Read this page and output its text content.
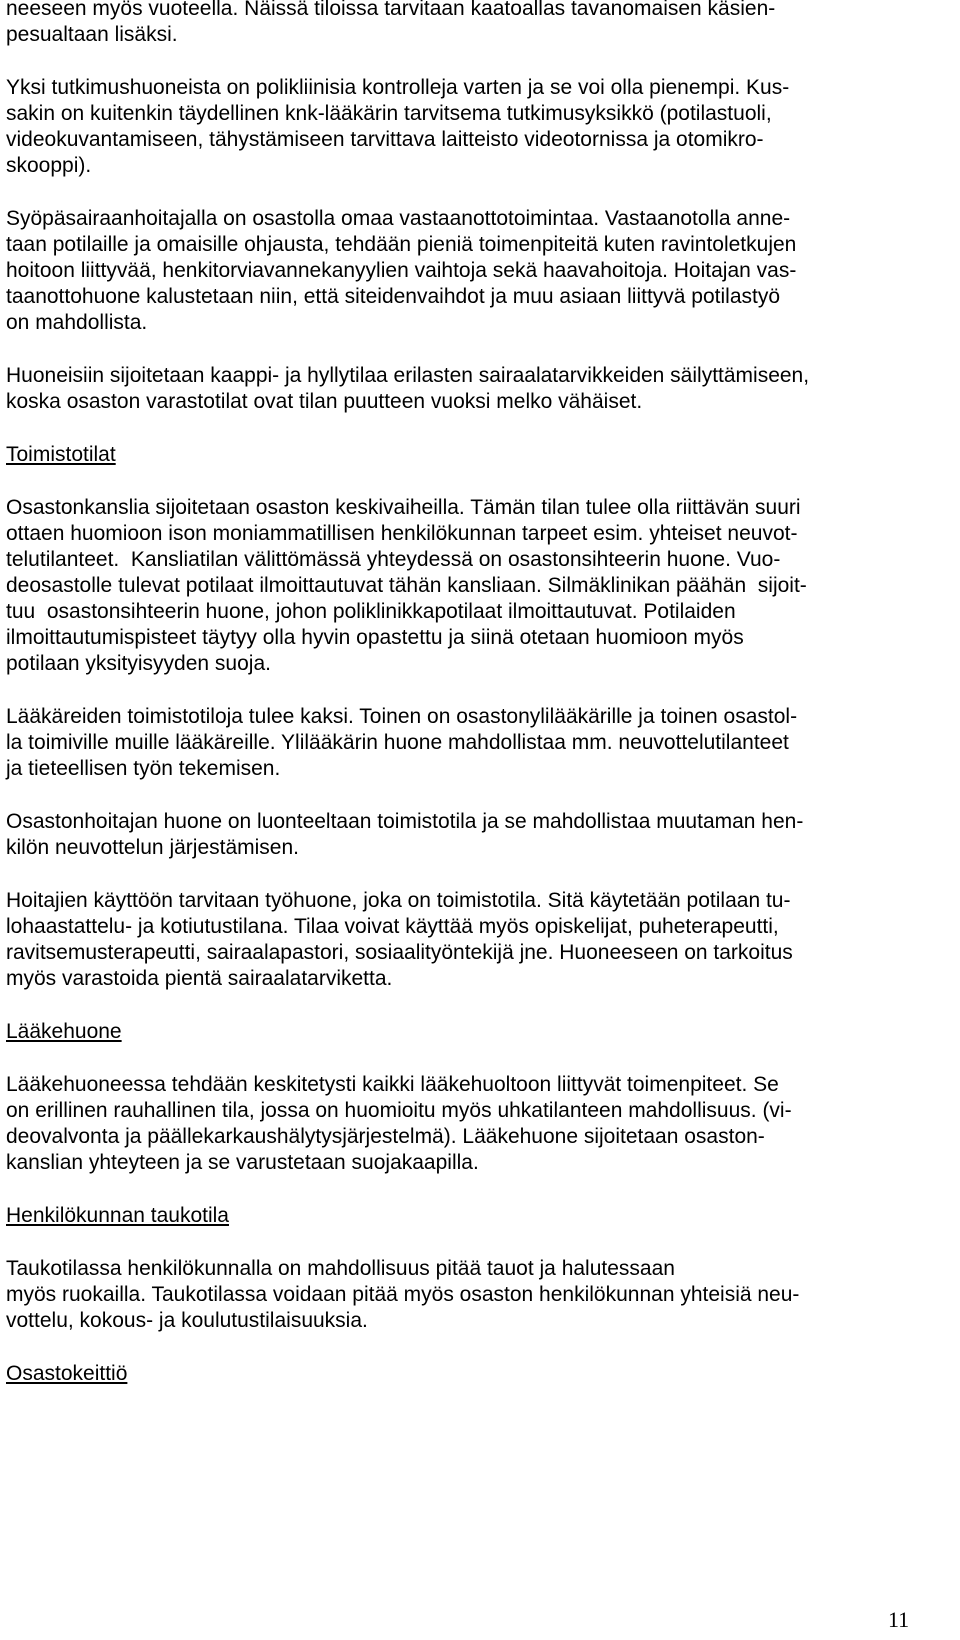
neeseen myös vuoteella. Näissä tiloissa tarvitaan kaatoallas tavanomaisen käsien-

pesualtaan lisäksi.

Yksi tutkimushuoneista on polikliinisia kontrolleja varten ja se voi olla pienempi. Kus-

sakin on kuitenkin täydellinen knk-lääkärin tarvitsema tutkimusyksikkö (potilastuoli,

videokuvantamiseen, tähystämiseen tarvittava laitteisto videotornissa ja otomikro-

skooppi).

Syöpäsairaanhoitajalla on osastolla omaa vastaanottotoimintaa. Vastaanotolla anne-

taan potilaille ja omaisille ohjausta, tehdään pieniä toimenpiteitä kuten ravintoletkujen

hoitoon liittyvää, henkitorviavannekanyylien vaihtoja sekä haavahoitoja. Hoitajan vas-

taanottohuone kalustetaan niin, että siteidenvaihdot ja muu asiaan liittyvä potilastyö

on mahdollista.

Huoneisiin sijoitetaan kaappi- ja hyllytilaa erilasten sairaalatarvikkeiden säilyttämiseen,

koska osaston varastotilat ovat tilan puutteen vuoksi melko vähäiset.

Toimistotilat

Osastonkanslia sijoitetaan osaston keskivaiheilla. Tämän tilan tulee olla riittävän suuri

ottaen huomioon ison moniammatillisen henkilökunnan tarpeet esim. yhteiset neuvot-

telutilanteet.  Kansliatilan välittömässä yhteydessä on osastonsihteerin huone. Vuo-

deosastolle tulevat potilaat ilmoittautuvat tähän kansliaan. Silmäklinikan päähän  sijoit-

tuu  osastonsihteerin huone, johon poliklinikkapotilaat ilmoittautuvat. Potilaiden

ilmoittautumispisteet täytyy olla hyvin opastettu ja siinä otetaan huomioon myös

potilaan yksityisyyden suoja.

Lääkäreiden toimistotiloja tulee kaksi. Toinen on osastonylilääkärille ja toinen osastol-

la toimiville muille lääkäreille. Ylilääkärin huone mahdollistaa mm. neuvottelutilanteet

ja tieteellisen työn tekemisen.

Osastonhoitajan huone on luonteeltaan toimistotila ja se mahdollistaa muutaman hen-

kilön neuvottelun järjestämisen.

Hoitajien käyttöön tarvitaan työhuone, joka on toimistotila. Sitä käytetään potilaan tu-

lohaastattelu- ja kotiutustilana. Tilaa voivat käyttää myös opiskelijat, puheterapeutti,

ravitsemusterapeutti, sairaalapastori, sosiaalityöntekijä jne. Huoneeseen on tarkoitus

myös varastoida pientä sairaalatarviketta.

Lääkehuone

Lääkehuoneessa tehdään keskitetysti kaikki lääkehuoltoon liittyvät toimenpiteet. Se

on erillinen rauhallinen tila, jossa on huomioitu myös uhkatilanteen mahdollisuus. (vi-

deovalvonta ja päällekarkaushälytysjärjestelmä). Lääkehuone sijoitetaan osaston-

kanslian yhteyteen ja se varustetaan suojakaapilla.

Henkilökunnan taukotila

Taukotilassa henkilökunnalla on mahdollisuus pitää tauot ja halutessaan

myös ruokailla. Taukotilassa voidaan pitää myös osaston henkilökunnan yhteisiä neu-

vottelu, kokous- ja koulutustilaisuuksia.

Osastokeittiö

11
